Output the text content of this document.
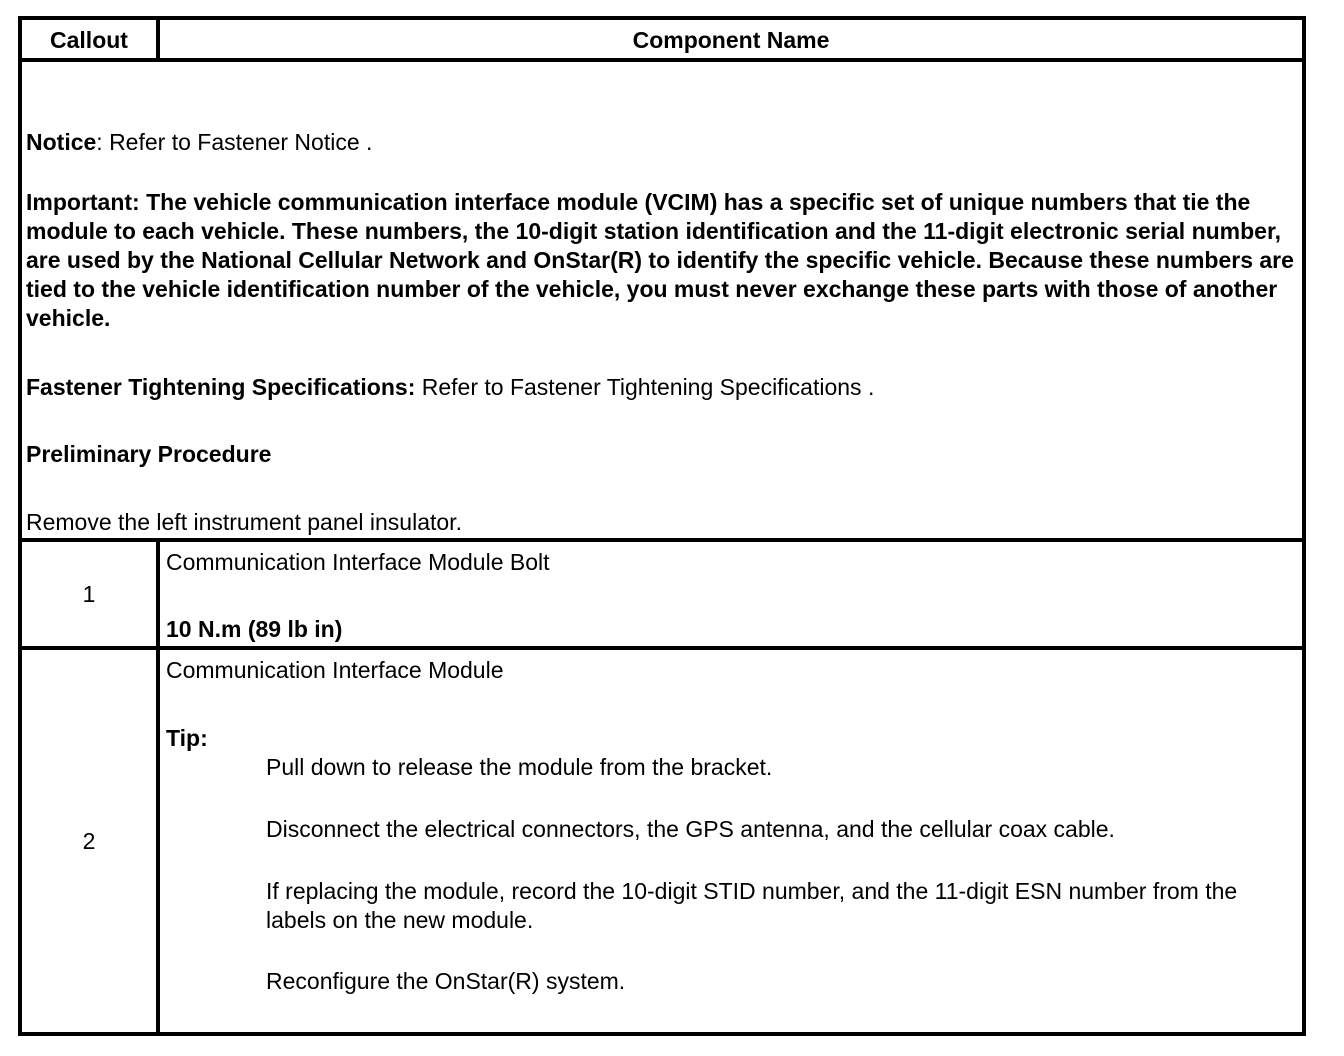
Callout	Component Name

Notice: Refer to Fastener Notice .

Important: The vehicle communication interface module (VCIM) has a specific set of unique numbers that tie the module to each vehicle. These numbers, the 10-digit station identification and the 11-digit electronic serial number, are used by the National Cellular Network and OnStar(R) to identify the specific vehicle. Because these numbers are tied to the vehicle identification number of the vehicle, you must never exchange these parts with those of another vehicle.

Fastener Tightening Specifications: Refer to Fastener Tightening Specifications .

Preliminary Procedure

Remove the left instrument panel insulator.

1

Communication Interface Module Bolt

10 N.m (89 lb in)

2

Communication Interface Module

Tip:

Pull down to release the module from the bracket.

Disconnect the electrical connectors, the GPS antenna, and the cellular coax cable.

If replacing the module, record the 10-digit STID number, and the 11-digit ESN number from the labels on the new module.

Reconfigure the OnStar(R) system.
